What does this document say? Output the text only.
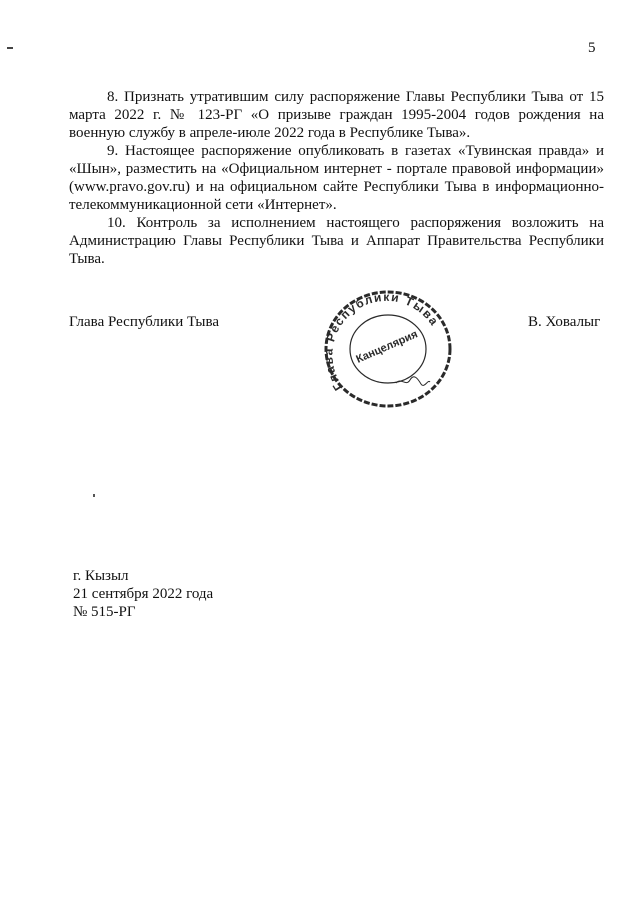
5

8. Признать утратившим силу распоряжение Главы Республики Тыва от 15 марта 2022 г. № 123-РГ «О призыве граждан 1995-2004 годов рождения на военную службу в апреле-июле 2022 года в Республике Тыва».

9. Настоящее распоряжение опубликовать в газетах «Тувинская правда» и «Шын», разместить на «Официальном интернет - портале правовой информации» (www.pravo.gov.ru) и на официальном сайте Республики Тыва в информационно-телекоммуникационной сети «Интернет».

10. Контроль за исполнением настоящего распоряжения возложить на Администрацию Главы Республики Тыва и Аппарат Правительства Республики Тыва.

Глава Республики Тыва	В. Ховалыг
Глава Республики Тыва
Канцелярия
г. Кызыл
21 сентября 2022 года
№ 515-РГ
